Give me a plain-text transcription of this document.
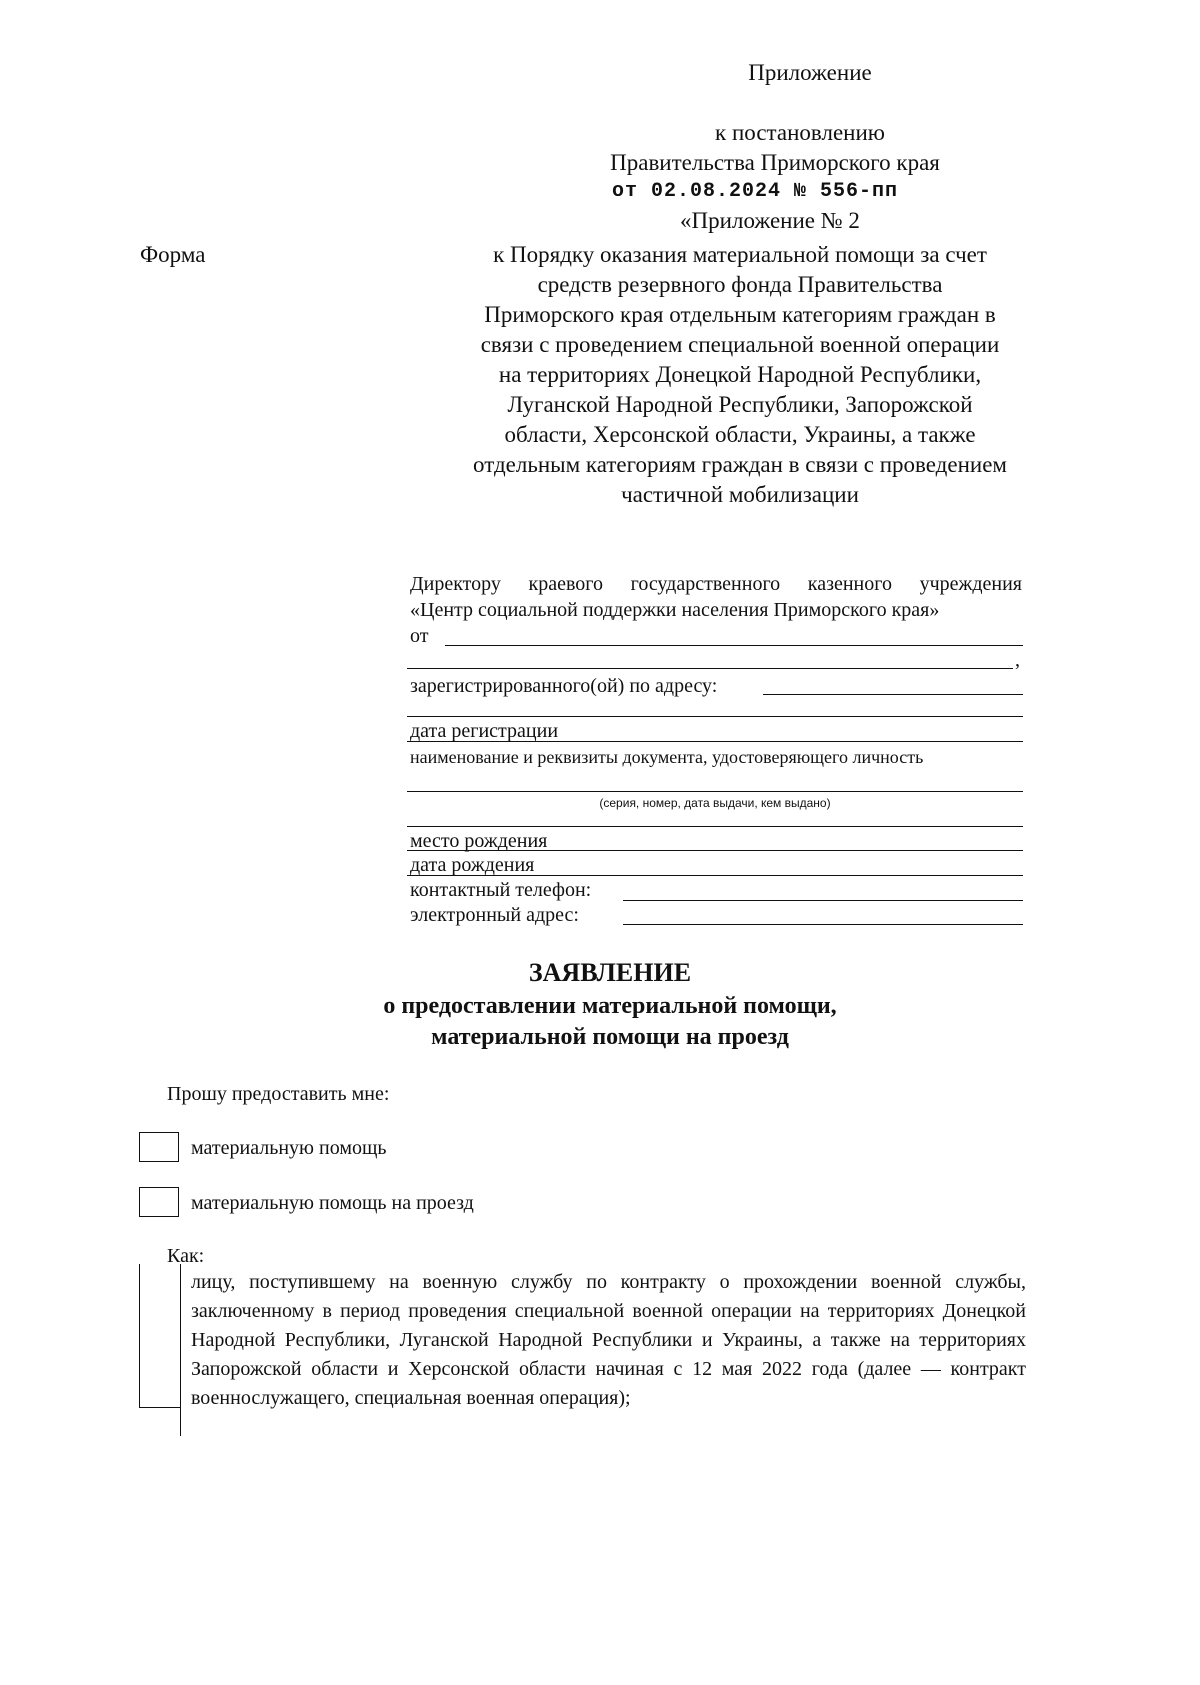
Приложение
к постановлению
Правительства Приморского края
от 02.08.2024 № 556-пп
«Приложение № 2
Форма	к Порядку оказания материальной помощи за счет
средств резервного фонда Правительства
Приморского края отдельным категориям граждан в
связи с проведением специальной военной операции
на территориях Донецкой Народной Республики,
Луганской Народной Республики, Запорожской
области, Херсонской области, Украины, а также
отдельным категориям граждан в связи с проведением
частичной мобилизации
Директору краевого государственного казенного учреждения
«Центр социальной поддержки населения Приморского края»
от
,
зарегистрированного(ой) по адресу:
дата регистрации
наименование и реквизиты документа, удостоверяющего личность
(серия, номер, дата выдачи, кем выдано)
место рождения
дата рождения
контактный телефон:
электронный адрес:
ЗАЯВЛЕНИЕ
о предоставлении материальной помощи,
материальной помощи на проезд
Прошу предоставить мне:
материальную помощь
материальную помощь на проезд
Как:
лицу, поступившему на военную службу по контракту о прохождении военной службы, заключенному в период проведения специальной военной операции на территориях Донецкой Народной Республики, Луганской Народной Республики и Украины, а также на территориях Запорожской области и Херсонской области начиная с 12 мая 2022 года (далее — контракт военнослужащего, специальная военная операция);
